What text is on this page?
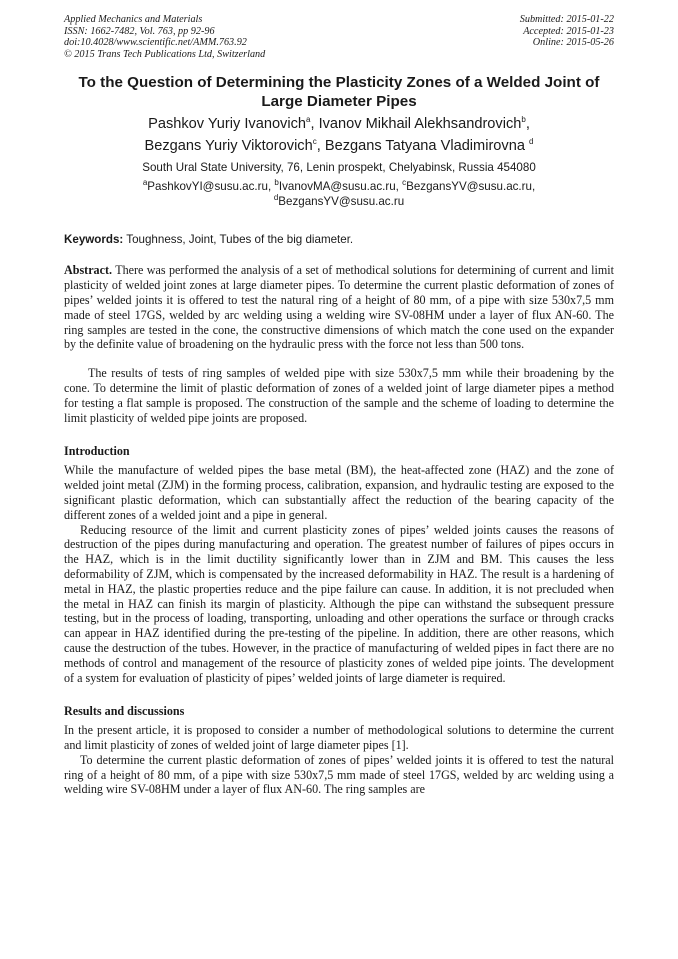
Applied Mechanics and Materials
ISSN: 1662-7482, Vol. 763, pp 92-96
doi:10.4028/www.scientific.net/AMM.763.92
© 2015 Trans Tech Publications Ltd, Switzerland
Submitted: 2015-01-22
Accepted: 2015-01-23
Online: 2015-05-26
To the Question of Determining the Plasticity Zones of a Welded Joint of Large Diameter Pipes
Pashkov Yuriy Ivanovich$^a$, Ivanov Mikhail Alekhsandrovich$^b$,
Bezgans Yuriy Viktorovich$^c$, Bezgans Tatyana Vladimirovna $^d$
South Ural State University, 76, Lenin prospekt, Chelyabinsk, Russia 454080
$^a$PashkovYI@susu.ac.ru, $^b$IvanovMA@susu.ac.ru, $^c$BezgansYV@susu.ac.ru,
$^d$BezgansYV@susu.ac.ru
Keywords: Toughness, Joint, Tubes of the big diameter.

Abstract. There was performed the analysis of a set of methodical solutions for determining of current and limit plasticity of welded joint zones at large diameter pipes. To determine the current plastic deformation of zones of pipes’ welded joints it is offered to test the natural ring of a height of 80 mm, of a pipe with size 530x7,5 mm made of steel 17GS, welded by arc welding using a welding wire SV-08HM under a layer of flux AN-60. The ring samples are tested in the cone, the constructive dimensions of which match the cone used on the expander by the definite value of broadening on the hydraulic press with the force not less than 500 tons.

The results of tests of ring samples of welded pipe with size 530x7,5 mm while their broadening by the cone. To determine the limit of plastic deformation of zones of a welded joint of large diameter pipes a method for testing a flat sample is proposed. The construction of the sample and the scheme of loading to determine the limit plasticity of welded pipe joints are proposed.

Introduction

While the manufacture of welded pipes the base metal (BM), the heat-affected zone (HAZ) and the zone of welded joint metal (ZJM) in the forming process, calibration, expansion, and hydraulic testing are exposed to the significant plastic deformation, which can substantially affect the reduction of the bearing capacity of the different zones of a welded joint and a pipe in general.

Reducing resource of the limit and current plasticity zones of pipes’ welded joints causes the reasons of destruction of the pipes during manufacturing and operation. The greatest number of failures of pipes occurs in the HAZ, which is in the limit ductility significantly lower than in ZJM and BM. This causes the less deformability of ZJM, which is compensated by the increased deformability in HAZ. The result is a hardening of metal in HAZ, the plastic properties reduce and the pipe failure can cause. In addition, it is not precluded when the metal in HAZ can finish its margin of plasticity. Although the pipe can withstand the subsequent pressure testing, but in the process of loading, transporting, unloading and other operations the surface or through cracks can appear in HAZ identified during the pre-testing of the pipeline. In addition, there are other reasons, which cause the destruction of the tubes. However, in the practice of manufacturing of welded pipes in fact there are no methods of control and management of the resource of plasticity zones of welded pipe joints. The development of a system for evaluation of plasticity of pipes’ welded joints of large diameter is required.

Results and discussions

In the present article, it is proposed to consider a number of methodological solutions to determine the current and limit plasticity of zones of welded joint of large diameter pipes [1].

To determine the current plastic deformation of zones of pipes’ welded joints it is offered to test the natural ring of a height of 80 mm, of a pipe with size 530x7,5 mm made of steel 17GS, welded by arc welding using a welding wire SV-08HM under a layer of flux AN-60. The ring samples are
